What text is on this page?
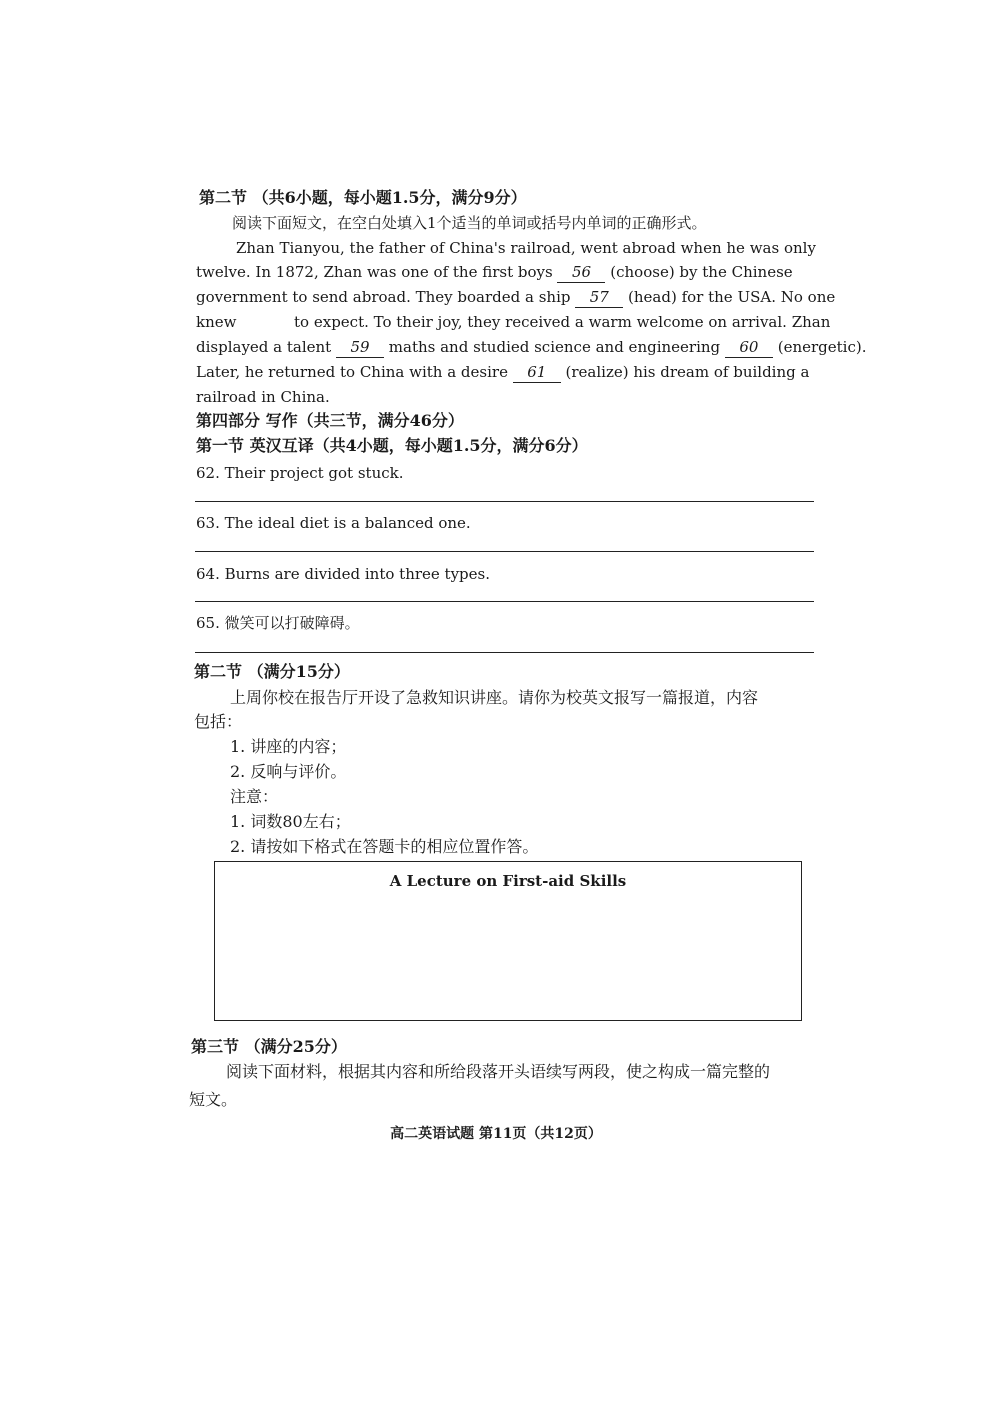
第二节 （共6小题，每小题1.5分，满分9分）
阅读下面短文，在空白处填入1个适当的单词或括号内单词的正确形式。
Zhan Tianyou, the father of China's railroad, went abroad when he was only
twelve. In 1872, Zhan was one of the first boys 56 (choose) by the Chinese
government to send abroad. They boarded a ship 57 (head) for the USA. No one
knew	to expect. To their joy, they received a warm welcome on arrival. Zhan
displayed a talent 59 maths and studied science and engineering 60 (energetic).
Later, he returned to China with a desire 61 (realize) his dream of building a
railroad in China.
第四部分 写作（共三节，满分46分）
第一节 英汉互译（共4小题，每小题1.5分，满分6分）
62. Their project got stuck.
63. The ideal diet is a balanced one.
64. Burns are divided into three types.
65. 微笑可以打破障碍。
第二节 （满分15分）
上周你校在报告厅开设了急救知识讲座。请你为校英文报写一篇报道，内容
包括：
1. 讲座的内容；
2. 反响与评价。
注意：
1. 词数80左右；
2. 请按如下格式在答题卡的相应位置作答。
A Lecture on First-aid Skills
第三节 （满分25分）
阅读下面材料，根据其内容和所给段落开头语续写两段，使之构成一篇完整的
短文。
高二英语试题 第11页（共12页）
